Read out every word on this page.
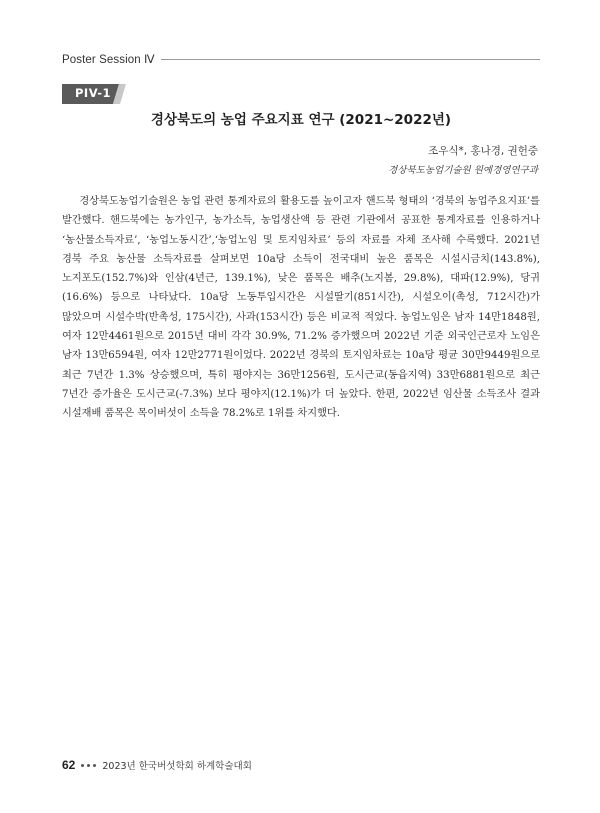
Poster Session Ⅳ
PIV-1
경상북도의 농업 주요지표 연구 (2021~2022년)
조우식*, 홍나경, 권헌중
경상북도농업기술원 원예경영연구과

경상북도농업기술원은 농업 관련 통계자료의 활용도를 높이고자 핸드북 형태의 ‘경북의 농업주요지표’를 발간했다. 핸드북에는 농가인구, 농가소득, 농업생산액 등 관련 기관에서 공표한 통계자료를 인용하거나 ‘농산물소득자료’, ‘농업노동시간’,‘농업노임 및 토지임차료’ 등의 자료를 자체 조사해 수록했다. 2021년 경북 주요 농산물 소득자료를 살펴보면 10a당 소득이 전국대비 높은 품목은 시설시금치(143.8%), 노지포도(152.7%)와 인삼(4년근, 139.1%), 낮은 품목은 배추(노지봄, 29.8%), 대파(12.9%), 당귀(16.6%) 등으로 나타났다. 10a당 노동투입시간은 시설딸기(851시간), 시설오이(촉성, 712시간)가 많았으며 시설수박(반촉성, 175시간), 사과(153시간) 등은 비교적 적었다. 농업노임은 남자 14만1848원, 여자 12만4461원으로 2015년 대비 각각 30.9%, 71.2% 증가했으며 2022년 기준 외국인근로자 노임은 남자 13만6594원, 여자 12만2771원이었다. 2022년 경북의 토지임차료는 10a당 평균 30만9449원으로 최근 7년간 1.3% 상승했으며, 특히 평야지는 36만1256원, 도시근교(동읍지역) 33만6881원으로 최근 7년간 증가율은 도시근교(-7.3%) 보다 평야지(12.1%)가 더 높았다. 한편, 2022년 임산물 소득조사 결과 시설재배 품목은 목이버섯이 소득을 78.2%로 1위를 차지했다.

62	2023년 한국버섯학회 하계학술대회
